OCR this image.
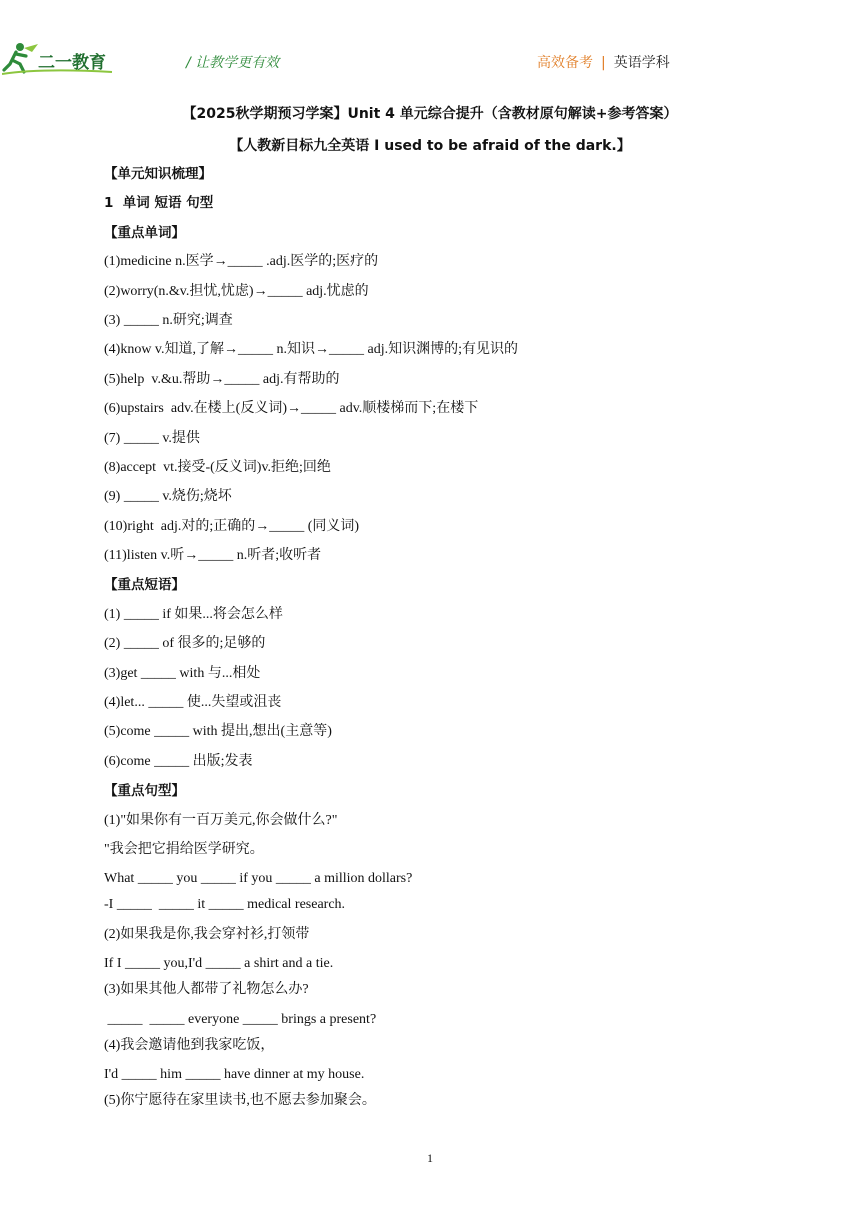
二一教育	/ 让教学更有效	高效备考 | 英语学科
【2025秋学期预习学案】Unit 4 单元综合提升（含教材原句解读+参考答案）
【人教新目标九全英语 I used to be afraid of the dark.】
【单元知识梳理】
1  单词 短语 句型
【重点单词】
(1)medicine n.医学→_____ .adj.医学的;医疗的
(2)worry(n.&v.担忧,忧虑)→_____ adj.忧虑的
(3) _____ n.研究;调查
(4)know v.知道,了解→_____ n.知识→_____ adj.知识渊博的;有见识的
(5)help  v.&u.帮助→_____ adj.有帮助的
(6)upstairs  adv.在楼上(反义词)→_____ adv.顺楼梯而下;在楼下
(7) _____ v.提供
(8)accept  vt.接受-(反义词)v.拒绝;回绝
(9) _____ v.烧伤;烧坏
(10)right  adj.对的;正确的→_____ (同义词)
(11)listen v.听→_____ n.听者;收听者
【重点短语】
(1) _____ if 如果...将会怎么样
(2) _____ of 很多的;足够的
(3)get _____ with 与...相处
(4)let... _____ 使...失望或沮丧
(5)come _____ with 提出,想出(主意等)
(6)come _____ 出版;发表
【重点句型】
(1)"如果你有一百万美元,你会做什么?"
"我会把它捐给医学研究。
What _____ you _____ if you _____ a million dollars?
-I _____  _____ it _____ medical research.
(2)如果我是你,我会穿衬衫,打领带
If I _____ you,I'd _____ a shirt and a tie.
(3)如果其他人都带了礼物怎么办?
_____  _____ everyone _____ brings a present?
(4)我会邀请他到我家吃饭，
I'd _____ him _____ have dinner at my house.
(5)你宁愿待在家里读书,也不愿去参加聚会。
1
